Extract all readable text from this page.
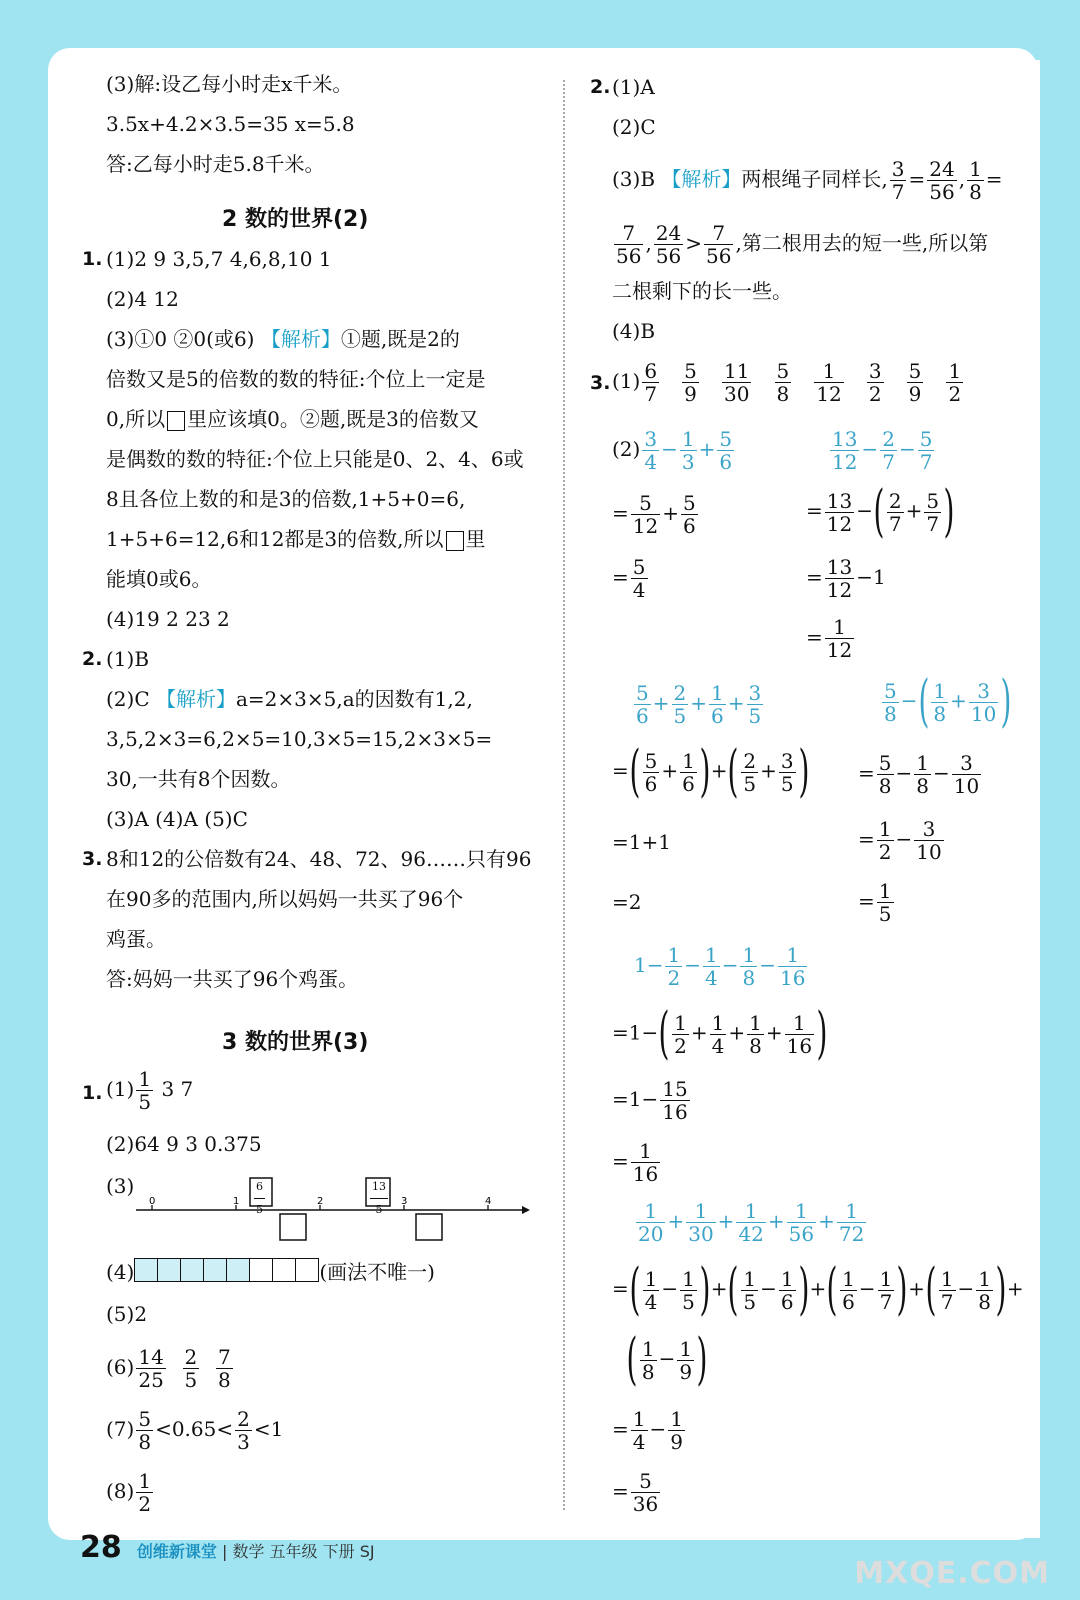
(3)解:设乙每小时走x千米。
3.5x+4.2×3.5=35 x=5.8
答:乙每小时走5.8千米。
2 数的世界(2)
1. (1)2 9 3,5,7 4,6,8,10 1
(2)4 12
(3)①0 ②0(或6) 【 解析 】 ①题,既是2的
倍数又是5的倍数的数的特征:个位上一定是
0,所以 里应该填0。②题,既是3的倍数又
是偶数的数的特征:个位上只能是0、2、4、6或
8且各位上数的和是3的倍数,1+5+0=6,
1+5+6=12,6和12都是3的倍数,所以 里
能填0或6。
(4)19 2 23 2
2. (1)B
(2)C 【 解析 】 a=2×3×5,a的因数有1,2,
3,5,2×3=6,2×5=10,3×5=15,2×3×5=
30,一共有8个因数。
(3)A (4)A (5)C
3. 8和12的公倍数有24、48、72、96……只有96
在90多的范围内,所以妈妈一共买了96个
鸡蛋。
答:妈妈一共买了96个鸡蛋。
3 数的世界(3)
1. $(1) \frac{1}{5} 3$ 7
(2)64 9 3 0.375
(3)
0	1	2	3	4
$\frac{6}{5}$	$\frac{13}{5}$
(4)	(画法不唯一)
(5)2
$(6) \frac{14}{25}$
$\frac{2}{5}$
$\frac{7}{8}$
$(7) \frac{5}{8} <0.65< \frac{2}{3} <1$
$(8) \frac{1}{2}$
2. (1)A
(2)C
(3)B 【 解析 】 两根绳子同样长, $\frac{3}{7} = \frac{24}{56}$ , $\frac{1}{8}$ =
$\frac{7}{56}$ , $\frac{24}{56} > \frac{7}{56}$ ,第二根用去的短一些,所以第
二根剩下的长一些。
(4)B
3. $(1) \frac{6}{7}$
$\frac{5}{9}$
$\frac{11}{30}$
$\frac{5}{8}$
$\frac{1}{12}$
$\frac{3}{2}$
$\frac{5}{9}$
$\frac{1}{2}$
$(2) \frac{3}{4} - \frac{1}{3} + \frac{5}{6}$	$\frac{13}{12} - \frac{2}{7} - \frac{5}{7}$
= $\frac{5}{12} + \frac{5}{6}$	= $\frac{13}{12}$ −( $\frac{2}{7} + \frac{5}{7}$ )
= $\frac{5}{4}$	= $\frac{13}{12} -1$
= $\frac{1}{12}$
$\frac{5}{6} + \frac{2}{5} + \frac{1}{6} + \frac{3}{5}$	$\frac{5}{8}$ −( $\frac{1}{8} + \frac{3}{10}$ )
=( $\frac{5}{6} + \frac{1}{6}$ )+( $\frac{2}{5} + \frac{3}{5}$ ) = $\frac{5}{8} - \frac{1}{8} - \frac{3}{10}$
=1+1	= $\frac{1}{2} - \frac{3}{10}$
=2	= $\frac{1}{5}$
$1- \frac{1}{2} - \frac{1}{4} - \frac{1}{8} - \frac{1}{16}$
$=1-( \frac{1}{2} + \frac{1}{4} + \frac{1}{8} + \frac{1}{16}$ )
$=1- \frac{15}{16}$
= $\frac{1}{16}$
$\frac{1}{20} + \frac{1}{30} + \frac{1}{42} + \frac{1}{56} + \frac{1}{72}$
=( $\frac{1}{4} - \frac{1}{5}$ )+( $\frac{1}{5} - \frac{1}{6}$ )+( $\frac{1}{6} - \frac{1}{7}$ )+( $\frac{1}{7} - \frac{1}{8}$ )+
( $\frac{1}{8} - \frac{1}{9}$ )
= $\frac{1}{4} - \frac{1}{9}$
= $\frac{5}{36}$
28 创维新课堂 | 数学 五年级 下册 SJ
MXQE.COM
